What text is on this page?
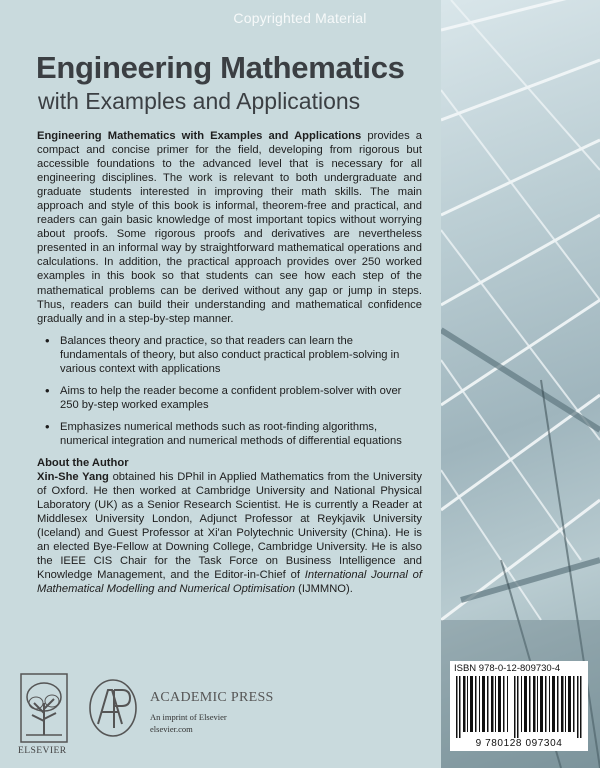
Copyrighted Material
Engineering Mathematics
with Examples and Applications

Engineering Mathematics with Examples and Applications provides a compact and concise primer for the field, developing from rigorous but accessible foundations to the advanced level that is necessary for all engineering disciplines. The work is relevant to both undergraduate and graduate students interested in improving their math skills. The main approach and style of this book is informal, theorem-free and practical, and readers can gain basic knowledge of most important topics without worrying about proofs. Some rigorous proofs and derivatives are nevertheless presented in an informal way by straightforward mathematical operations and calculations. In addition, the practical approach provides over 250 worked examples in this book so that students can see how each step of the mathematical problems can be derived without any gap or jump in steps. Thus, readers can build their understanding and mathematical confidence gradually and in a step-by-step manner.

• Balances theory and practice, so that readers can learn the fundamentals of theory, but also conduct practical problem-solving in various context with applications
• Aims to help the reader become a confident problem-solver with over 250 by-step worked examples
• Emphasizes numerical methods such as root-finding algorithms, numerical integration and numerical methods of differential equations

About the Author

Xin-She Yang obtained his DPhil in Applied Mathematics from the University of Oxford. He then worked at Cambridge University and National Physical Laboratory (UK) as a Senior Research Scientist. He is currently a Reader at Middlesex University London, Adjunct Professor at Reykjavik University (Iceland) and Guest Professor at Xi'an Polytechnic University (China). He is an elected Bye-Fellow at Downing College, Cambridge University. He is also the IEEE CIS Chair for the Task Force on Business Intelligence and Knowledge Management, and the Editor-in-Chief of International Journal of Mathematical Modelling and Numerical Optimisation (IJMMNO).

ISBN 978-0-12-809730-4
9 780128 097304
ELSEVIER
ACADEMIC PRESS
An imprint of Elsevier
elsevier.com
